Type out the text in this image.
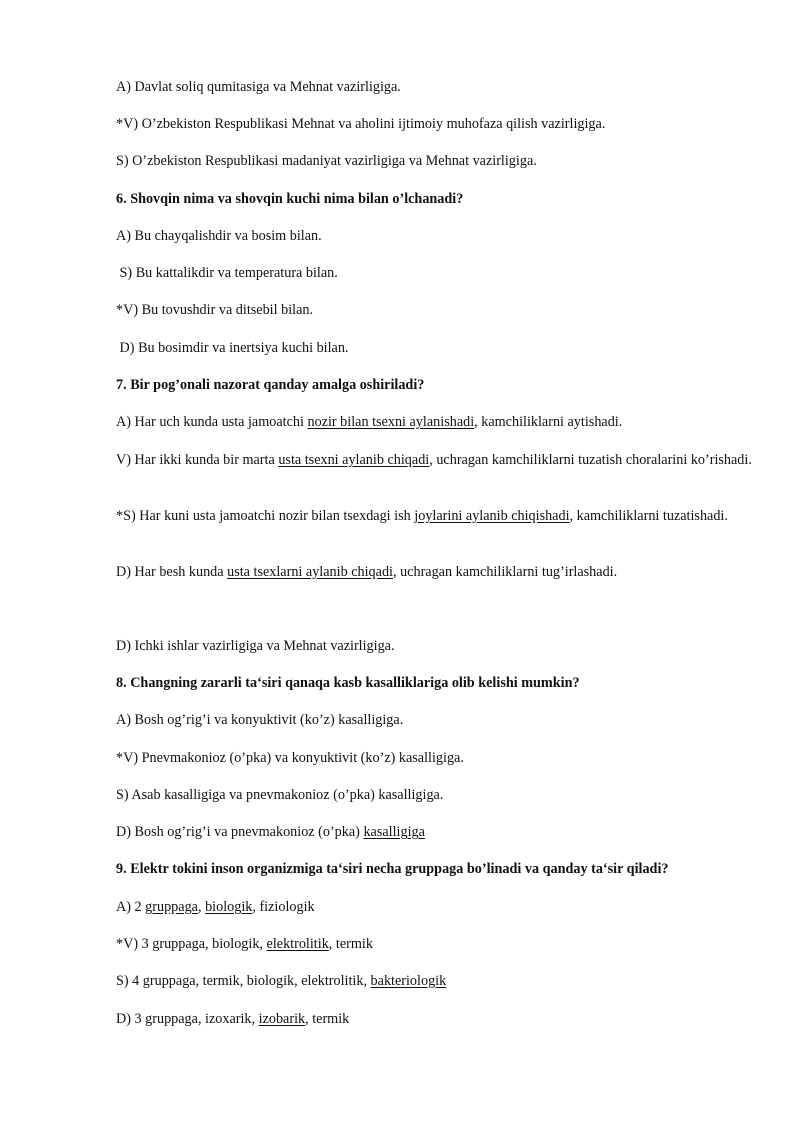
A) Davlat soliq qumitasiga va Mehnat vazirligiga.
*V) O’zbekiston Respublikasi Mehnat va aholini ijtimoiy muhofaza qilish vazirligiga.
S) O’zbekiston Respublikasi madaniyat vazirligiga va Mehnat vazirligiga.
6. Shovqin nima va shovqin kuchi nima bilan o’lchanadi?
A) Bu chayqalishdir va bosim bilan.
S) Bu kattalikdir va temperatura bilan.
*V) Bu tovushdir va ditsebil bilan.
D) Bu bosimdir va inertsiya kuchi bilan.
7. Bir pog’onali nazorat qanday amalga oshiriladi?
A) Har uch kunda usta jamoatchi nozir bilan tsexni aylanishadi, kamchiliklarni aytishadi.
V) Har ikki kunda bir marta usta tsexni aylanib chiqadi, uchragan kamchiliklarni tuzatish choralarini ko’rishadi.
*S) Har kuni usta jamoatchi nozir bilan tsexdagi ish joylarini aylanib chiqishadi, kamchiliklarni tuzatishadi.
D) Har besh kunda usta tsexlarni aylanib chiqadi, uchragan kamchiliklarni tug’irlashadi.
D) Ichki ishlar vazirligiga va Mehnat vazirligiga.
8. Changning zararli ta‘siri qanaqa kasb kasalliklariga olib kelishi mumkin?
A) Bosh og’rig’i va konyuktivit (ko’z) kasalligiga.
*V) Pnevmakonioz (o’pka) va konyuktivit (ko’z) kasalligiga.
S) Asab kasalligiga va pnevmakonioz (o’pka) kasalligiga.
D) Bosh og’rig’i va pnevmakonioz (o’pka) kasalligiga
9. Elektr tokini inson organizmiga ta‘siri necha gruppaga bo’linadi va qanday ta‘sir qiladi?
A) 2 gruppaga, biologik, fiziologik
*V) 3 gruppaga, biologik, elektrolitik, termik
S) 4 gruppaga, termik, biologik, elektrolitik, bakteriologik
D) 3 gruppaga, izoxarik, izobarik, termik
